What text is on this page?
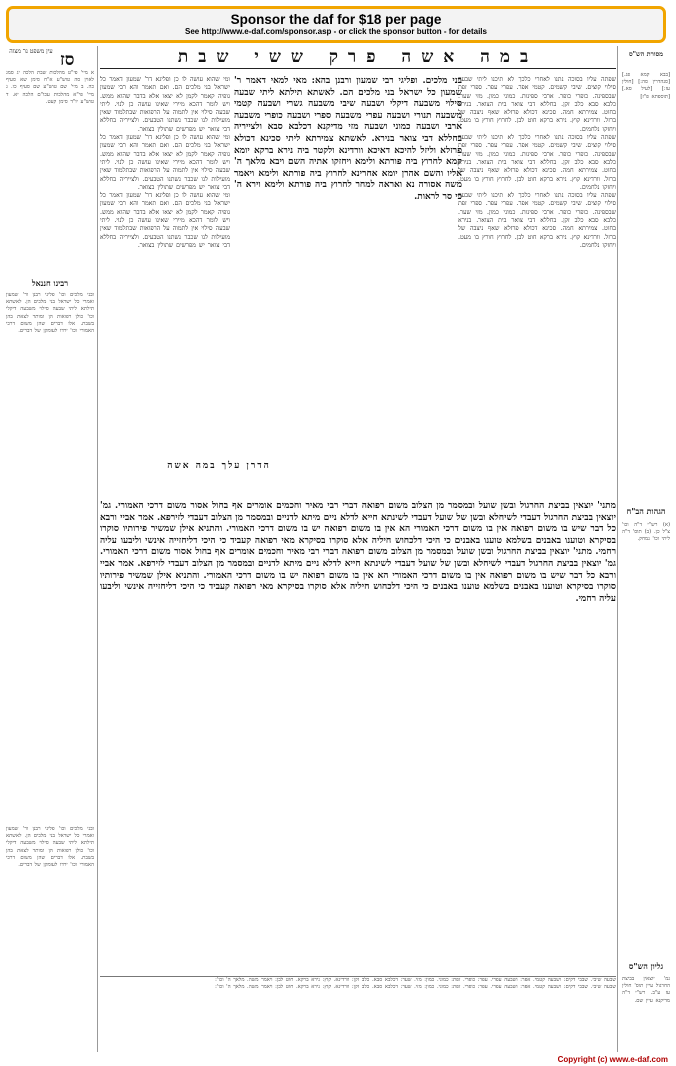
Sponsor the daf for $18 per page
See http://www.e-daf.com/sponsor.asp - or click the sponsor button - for details
מסורת הש"ס
עין משפט נר מצוה סז	במה אשה פרק ששי שבת
א מיי' פי"ט מהלכות שבת הלכה יג סמג לאוין סה טוש"ע א"ח סימן שא סעיף כה. ב מיי' שם טוש"ע שם סעיף כו. ג מיי' פי"א מהלכות עכו"ם הלכה יא. ד טוש"ע יו"ד סימן קעט.
רבינו חננאל
ובני מלכים וכו' פליגי רבנן ור' שמעון ואמרי כל ישראל בני מלכים הן. לאשתא תילתא ליתי שבעה סילוי משבעה דיקלי וכו' כולן רפואות הן ומותר לצאת בהן בשבת. אלו דברים שהן משום דרכי האמורי וכו' ירדו לעומקן של דברים.
ובני מלכים וכו' פליגי רבנן ור' שמעון ואמרי כל ישראל בני מלכים הן. לאשתא תילתא ליתי שבעה סילוי משבעה דיקלי וכו' כולן רפואות הן ומותר לצאת בהן בשבת. אלו דברים שהן משום דרכי האמורי וכו' ירדו לעומקן של דברים.
[בבא קמא פג.] [סנהדרין סה:] [חולין עז:] [לעיל סא.] [תוספתא פ"ז]
הגהות הב"ח
(א) רש"י ד"ה וכו' צ"ל כן. (ב) תוס' ד"ה ליתי וכו' נמחק.
גליון הש"ס
גמ' יוצאין בביצת החרגול עיין תוס' חולין עז ע"ב. רש"י ד"ה מדיקנא עיין שם.
ומי שהוא עושה לו כן ופליגא דר' שמעון דאמר כל ישראל בני מלכים הם. ואם תאמר והא רבי שמעון גופיה קאמר לקמן לא יצאו אלא בדבר שהוא ממש. ויש לומר דהכא מיירי שאינו עושה כן לנוי. ליתי שבעה סילוי אין לתמוה על הרפואות שבתלמוד שאין מועילות לנו שכבר נשתנו הטבעים. ולצייריה בחללא דבי צואר יש מפרשים שתולין בצואר.
ומי שהוא עושה לו כן ופליגא דר' שמעון דאמר כל ישראל בני מלכים הם. ואם תאמר והא רבי שמעון גופיה קאמר לקמן לא יצאו אלא בדבר שהוא ממש. ויש לומר דהכא מיירי שאינו עושה כן לנוי. ליתי שבעה סילוי אין לתמוה על הרפואות שבתלמוד שאין מועילות לנו שכבר נשתנו הטבעים. ולצייריה בחללא דבי צואר יש מפרשים שתולין בצואר.
ומי שהוא עושה לו כן ופליגא דר' שמעון דאמר כל ישראל בני מלכים הם. ואם תאמר והא רבי שמעון גופיה קאמר לקמן לא יצאו אלא בדבר שהוא ממש. ויש לומר דהכא מיירי שאינו עושה כן לנוי. ליתי שבעה סילוי אין לתמוה על הרפואות שבתלמוד שאין מועילות לנו שכבר נשתנו הטבעים. ולצייריה בחללא דבי צואר יש מפרשים שתולין בצואר.
בני מלכים. ופליגי רבי שמעון ורבנן בהא: מאי למאי דאמר ר' שמעון כל ישראל בני מלכים הם. לאשתא תילתא ליתי שבעה סילוי משבעה דיקלי ושבעה שיבי משבעה גשרי ושבעה קטמי משבעה תנורי ושבעה עפרי משבעה ספרי ושבעה כופרי משבעה ארבי ושבעה כמוני ושבעה מזי מדיקנא דכלבא סבא ולצייריה בחללא דבי צואר בנירא. לאשתא צמירתא ליתי סכינא דכולא פרזלא וליזל להיכא דאיכא וורדינא ולקטר ביה נירא ברקא יומא קמא לחרוץ ביה פורתא ולימא ויחזקו אתיה השם ויבא מלאך ה' אליו והשם אהרן יומא אחרינא לחרוץ ביה פורתא ולימא ויאמר משה אסורה נא ואראה למחר לחרוץ ביה פורתא ולימא וירא ה' כי סר לראות.
הדרן עלך במה אשה
שפתה עליו בסוכה נתנו לאחרי כלכך לא תיכנו ליתי שבעה סילוי קוצים. שיבי קשמים. קטמי אפר. עפרי עפר. ספרי זפת שבספינה. כופרי כופר. ארבי ספינות. כמוני כמון. מזי שער. כלבא סבא כלב זקן. בחללא דבי צואר בית הצואר. בנירא בחוט. צמירתא חמה. סכינא דכולא פרזלא שאף ניצבה של ברזל. וורדינא קוץ. נירא ברקא חוט לבן. לחרוץ חורץ בו מעט. ויחזקו נלחמים.
שפתה עליו בסוכה נתנו לאחרי כלכך לא תיכנו ליתי שבעה סילוי קוצים. שיבי קשמים. קטמי אפר. עפרי עפר. ספרי זפת שבספינה. כופרי כופר. ארבי ספינות. כמוני כמון. מזי שער. כלבא סבא כלב זקן. בחללא דבי צואר בית הצואר. בנירא בחוט. צמירתא חמה. סכינא דכולא פרזלא שאף ניצבה של ברזל. וורדינא קוץ. נירא ברקא חוט לבן. לחרוץ חורץ בו מעט. ויחזקו נלחמים.
שפתה עליו בסוכה נתנו לאחרי כלכך לא תיכנו ליתי שבעה סילוי קוצים. שיבי קשמים. קטמי אפר. עפרי עפר. ספרי זפת שבספינה. כופרי כופר. ארבי ספינות. כמוני כמון. מזי שער. כלבא סבא כלב זקן. בחללא דבי צואר בית הצואר. בנירא בחוט. צמירתא חמה. סכינא דכולא פרזלא שאף ניצבה של ברזל. וורדינא קוץ. נירא ברקא חוט לבן. לחרוץ חורץ בו מעט. ויחזקו נלחמים.
מתני' יוצאין בביצת החרגול ובשן שועל ובמסמר מן הצלוב משום רפואה דברי רבי מאיר וחכמים אומרים אף בחול אסור משום דרכי האמורי. גמ' יוצאין בביצת החרגול דעבדי לשיחלא ובשן של שועל דעבדי לשינתא חייא לדלא ניים מיתא לדניים ובמסמר מן הצלוב דעבדי לזירפא. אמר אביי ורבא כל דבר שיש בו משום רפואה אין בו משום דרכי האמורי הא אין בו משום רפואה יש בו משום דרכי האמורי. והתניא אילן שמשיר פירותיו סוקרו בסיקרא וטוענו באבנים בשלמא טוענו באבנים כי היכי דלכחוש חיליה אלא סוקרו בסיקרא מאי רפואה קעביד כי היכי דליחזייה אינשי וליבעו עליה רחמי. מתני' יוצאין בביצת החרגול ובשן שועל ובמסמר מן הצלוב משום רפואה דברי רבי מאיר וחכמים אומרים אף בחול אסור משום דרכי האמורי. גמ' יוצאין בביצת החרגול דעבדי לשיחלא ובשן של שועל דעבדי לשינתא חייא לדלא ניים מיתא לדניים ובמסמר מן הצלוב דעבדי לזירפא. אמר אביי ורבא כל דבר שיש בו משום רפואה אין בו משום דרכי האמורי הא אין בו משום רפואה יש בו משום דרכי האמורי. והתניא אילן שמשיר פירותיו סוקרו בסיקרא וטוענו באבנים בשלמא טוענו באבנים כי היכי דלכחוש חיליה אלא סוקרו בסיקרא מאי רפואה קעביד כי היכי דליחזייה אינשי וליבעו עליה רחמי.
שבעה שיבי. שבבי דקים: ושבעה קטמי. אפר: ושבעה עפרי. עפר: כופרי. זפת: כמוני. כמון: מזי. שער: דכלבא סבא. כלב זקן: וורדינא. קוץ: נירא ברקא. חוט לבן: ויאמר משה. מלאך ה' וכו':
שבעה שיבי. שבבי דקים: ושבעה קטמי. אפר: ושבעה עפרי. עפר: כופרי. זפת: כמוני. כמון: מזי. שער: דכלבא סבא. כלב זקן: וורדינא. קוץ: נירא ברקא. חוט לבן: ויאמר משה. מלאך ה' וכו':
Copyright (c) www.e-daf.com
